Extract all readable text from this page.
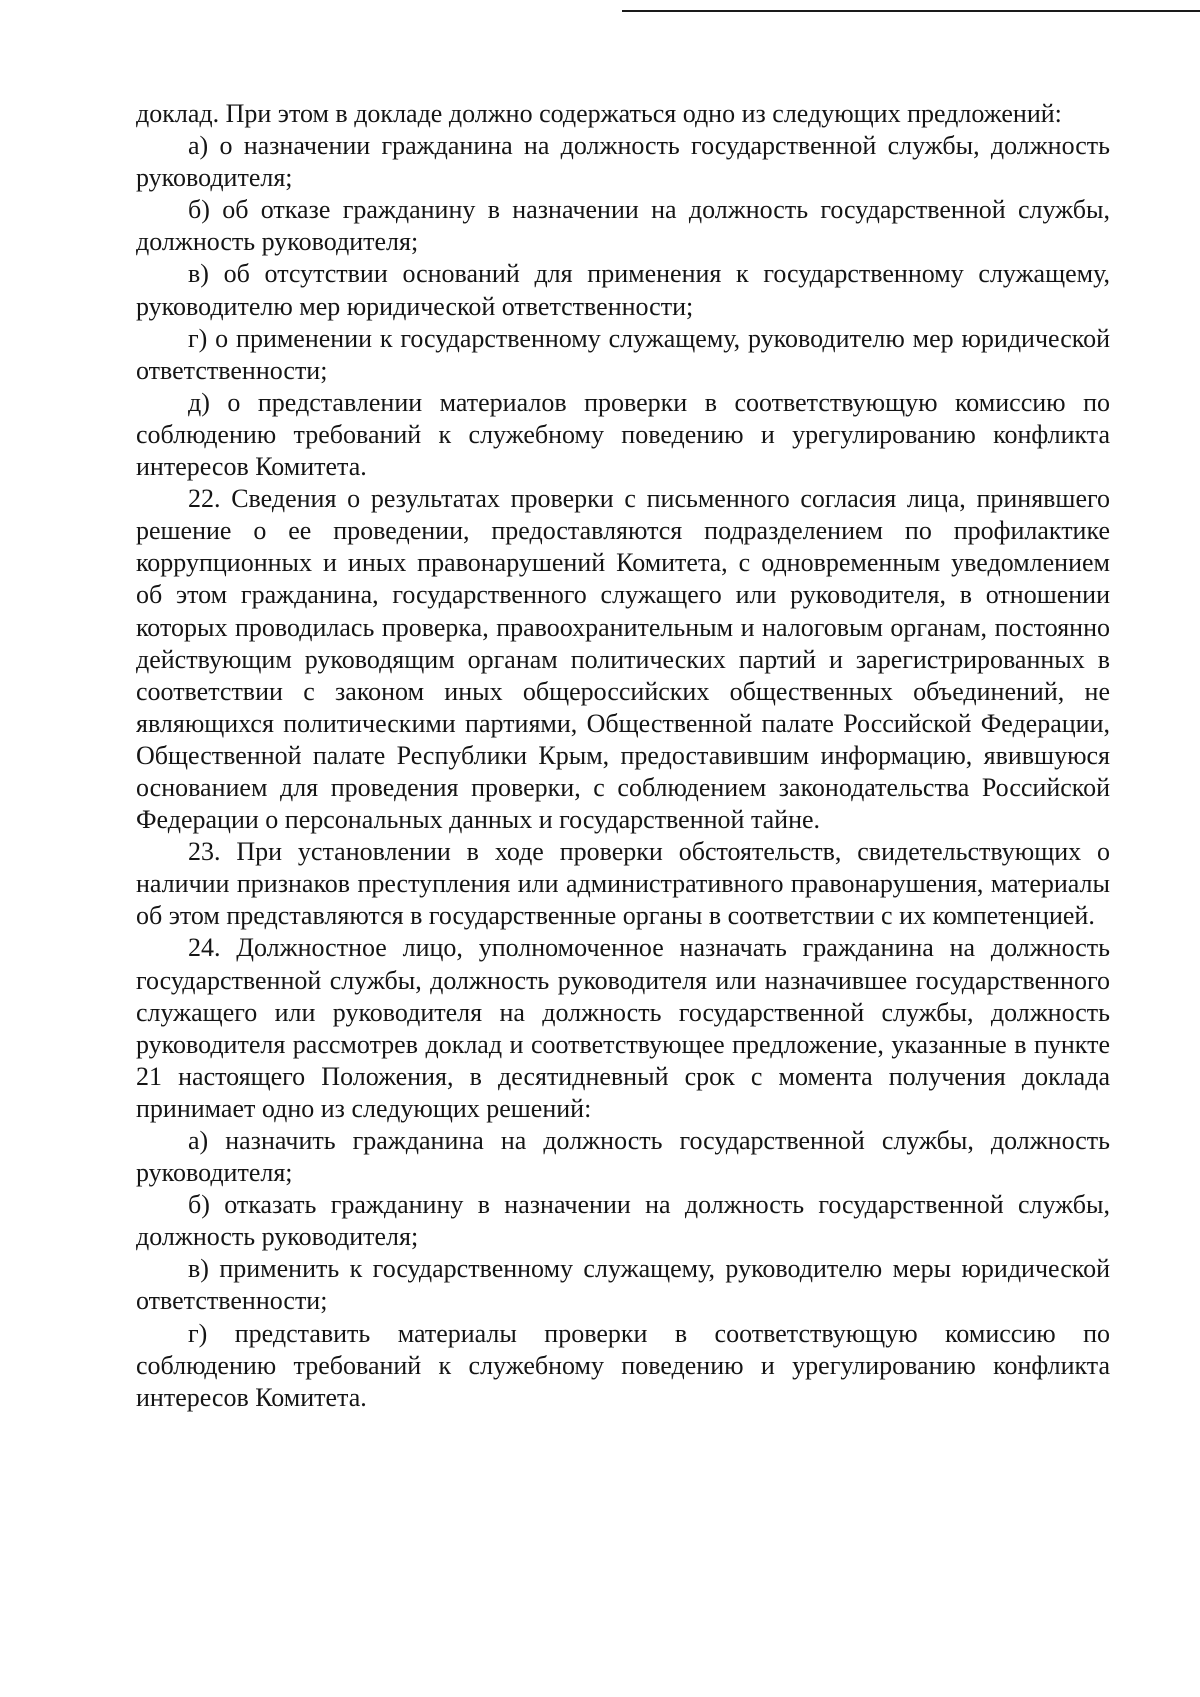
доклад. При этом в докладе должно содержаться одно из следующих предложений:

а) о назначении гражданина на должность государственной службы, должность руководителя;

б) об отказе гражданину в назначении на должность государственной службы, должность руководителя;

в) об отсутствии оснований для применения к государственному служащему, руководителю мер юридической ответственности;

г) о применении к государственному служащему, руководителю мер юридической ответственности;

д) о представлении материалов проверки в соответствующую комиссию по соблюдению требований к служебному поведению и урегулированию конфликта интересов Комитета.

22. Сведения о результатах проверки с письменного согласия лица, принявшего решение о ее проведении, предоставляются подразделением по профилактике коррупционных и иных правонарушений Комитета, с одновременным уведомлением об этом гражданина, государственного служащего или руководителя, в отношении которых проводилась проверка, правоохранительным и налоговым органам, постоянно действующим руководящим органам политических партий и зарегистрированных в соответствии с законом иных общероссийских общественных объединений, не являющихся политическими партиями, Общественной палате Российской Федерации, Общественной палате Республики Крым, предоставившим информацию, явившуюся основанием для проведения проверки, с соблюдением законодательства Российской Федерации о персональных данных и государственной тайне.

23. При установлении в ходе проверки обстоятельств, свидетельствующих о наличии признаков преступления или административного правонарушения, материалы об этом представляются в государственные органы в соответствии с их компетенцией.

24. Должностное лицо, уполномоченное назначать гражданина на должность государственной службы, должность руководителя или назначившее государственного служащего или руководителя на должность государственной службы, должность руководителя рассмотрев доклад и соответствующее предложение, указанные в пункте 21 настоящего Положения, в десятидневный срок с момента получения доклада принимает одно из следующих решений:

а) назначить гражданина на должность государственной службы, должность руководителя;

б) отказать гражданину в назначении на должность государственной службы, должность руководителя;

в) применить к государственному служащему, руководителю меры юридической ответственности;

г) представить материалы проверки в соответствующую комиссию по соблюдению требований к служебному поведению и урегулированию конфликта интересов Комитета.
